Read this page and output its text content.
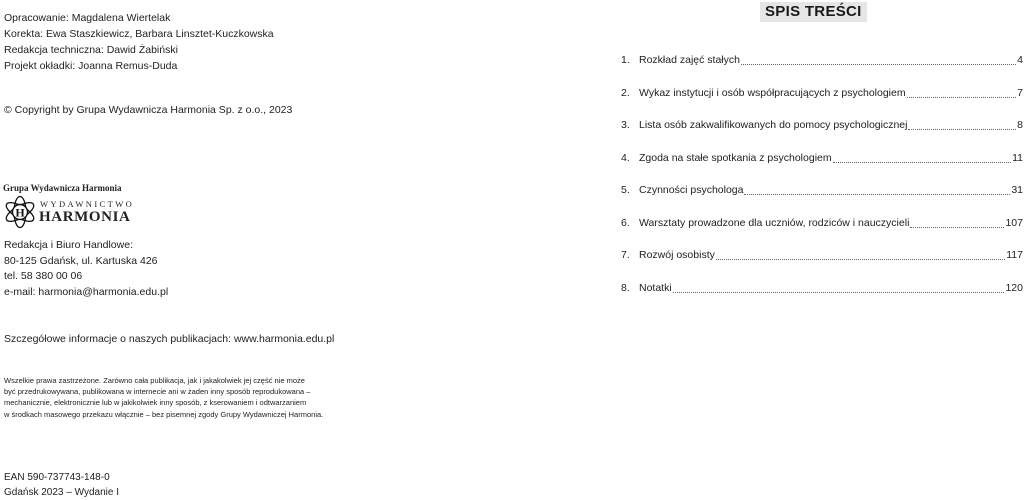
Opracowanie: Magdalena Wiertelak
Korekta: Ewa Staszkiewicz, Barbara Linsztet-Kuczkowska
Redakcja techniczna: Dawid Żabiński
Projekt okładki: Joanna Remus-Duda
© Copyright by Grupa Wydawnicza Harmonia Sp. z o.o., 2023
Grupa Wydawnicza Harmonia
H
WYDAWNICTWO
HARMONIA
Redakcja i Biuro Handlowe:
80-125 Gdańsk, ul. Kartuska 426
tel. 58 380 00 06
e-mail: harmonia@harmonia.edu.pl
Szczegółowe informacje o naszych publikacjach: www.harmonia.edu.pl
Wszelkie prawa zastrzeżone. Zarówno cała publikacja, jak i jakakolwiek jej część nie może
być przedrukowywana, publikowana w internecie ani w żaden inny sposób reprodukowana –
mechanicznie, elektronicznie lub w jakikolwiek inny sposób, z kserowaniem i odtwarzaniem
w środkach masowego przekazu włącznie – bez pisemnej zgody Grupy Wydawniczej Harmonia.
EAN 590-737743-148-0
Gdańsk 2023 – Wydanie I
SPIS TREŚCI
1. Rozkład zajęć stałych	4
2. Wykaz instytucji i osób współpracujących z psychologiem	7
3. Lista osób zakwalifikowanych do pomocy psychologicznej	8
4. Zgoda na stałe spotkania z psychologiem	11
5. Czynności psychologa	31
6. Warsztaty prowadzone dla uczniów, rodziców i nauczycieli	107
7. Rozwój osobisty	117
8. Notatki	120
